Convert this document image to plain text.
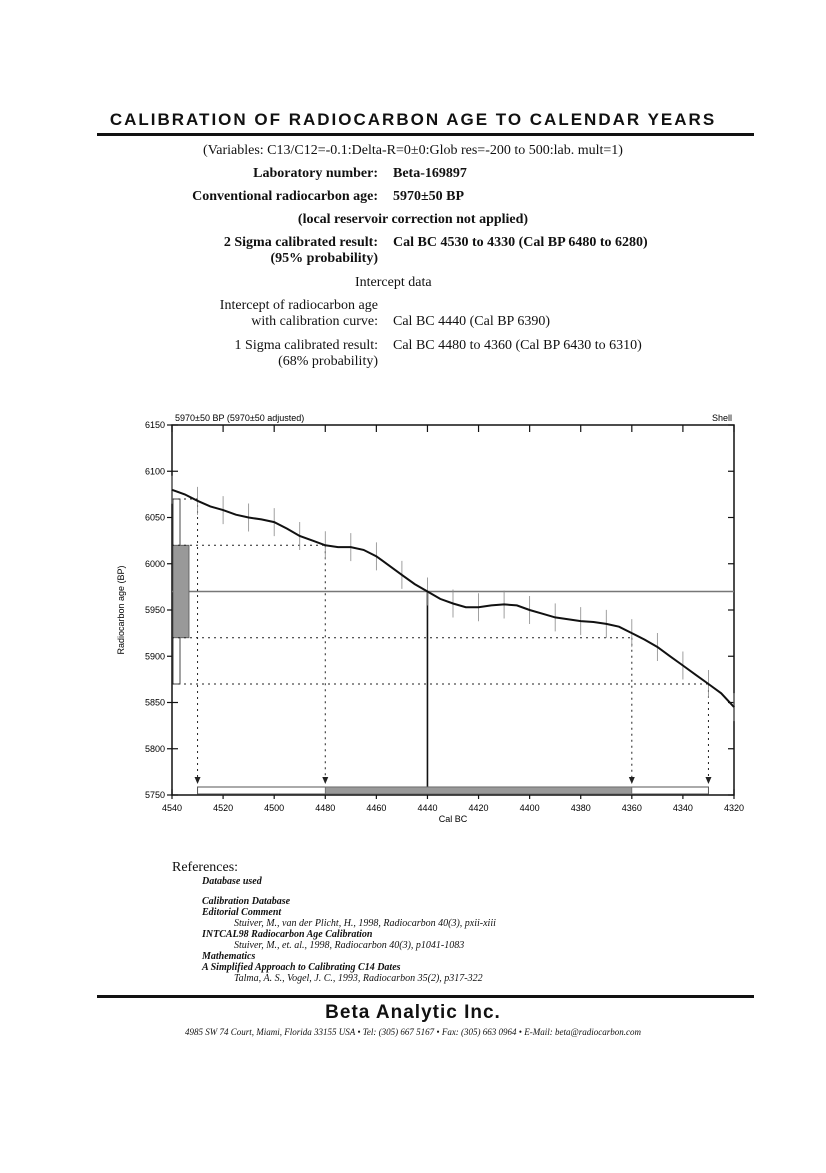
CALIBRATION OF RADIOCARBON AGE TO CALENDAR YEARS
(Variables: C13/C12=-0.1:Delta-R=0±0:Glob res=-200 to 500:lab. mult=1)
Laboratory number: Beta-169897
Conventional radiocarbon age: 5970±50 BP
(local reservoir correction not applied)
2 Sigma calibrated result:
(95% probability)
Cal BC 4530 to 4330 (Cal BP 6480 to 6280)
Intercept data
Intercept of radiocarbon age
with calibration curve: Cal BC 4440 (Cal BP 6390)
1 Sigma calibrated result:
(68% probability)
Cal BC 4480 to 4360 (Cal BP 6430 to 6310)
5750
5800
5850
5900
5950
6000
6050
6100
6150
4540	4520	4500	4480	4460	4440	4420	4400	4380	4360	4340	4320
Cal BC
Radiocarbon age (BP)
5970±50 BP (5970±50 adjusted)	Shell
References:
Database used
Calibration Database
Editorial Comment
Stuiver, M., van der Plicht, H., 1998, Radiocarbon 40(3), pxii-xiii
INTCAL98 Radiocarbon Age Calibration
Stuiver, M., et. al., 1998, Radiocarbon 40(3), p1041-1083
Mathematics
A Simplified Approach to Calibrating C14 Dates
Talma, A. S., Vogel, J. C., 1993, Radiocarbon 35(2), p317-322
Beta Analytic Inc.
4985 SW 74 Court, Miami, Florida 33155 USA • Tel: (305) 667 5167 • Fax: (305) 663 0964 • E-Mail: beta@radiocarbon.com
